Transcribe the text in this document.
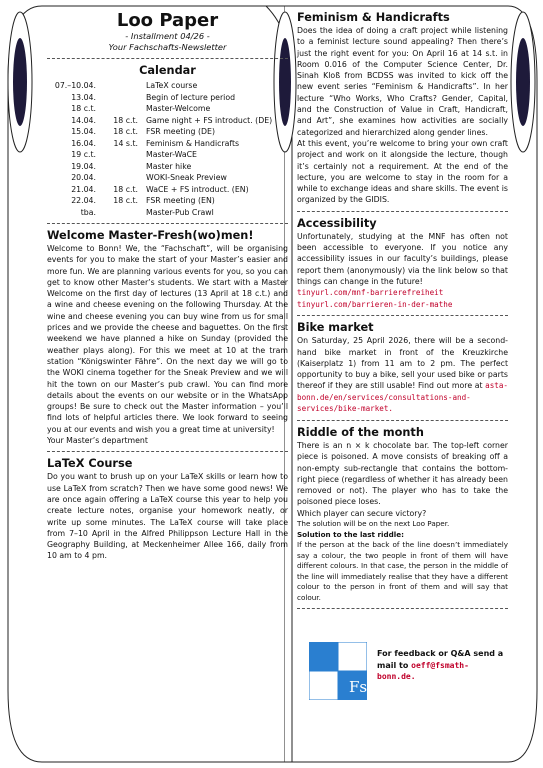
Loo Paper
- Installment 04/26 -
Your Fachschafts-Newsletter
Calendar
07.–10.04.	LaTeX course
13.04.	Begin of lecture period
18 c.t.	Master-Welcome
14.04.	18 c.t.	Game night + FS introduct. (DE)
15.04.	18 c.t.	FSR meeting (DE)
16.04.	14 s.t.	Feminism & Handicrafts
19 c.t.	Master-WaCE
19.04.	Master hike
20.04.	WOKI-Sneak Preview
21.04.	18 c.t.	WaCE + FS introduct. (EN)
22.04.	18 c.t.	FSR meeting (EN)
tba.	Master-Pub Crawl
Welcome Master-Fresh(wo)men!
Welcome to Bonn! We, the “Fachschaft”, will be organising events for you to make the start of your Master’s easier and more fun. We are planning various events for you, so you can get to know other Master’s students. We start with a Master Welcome on the first day of lectures (13 April at 18 c.t.) and a wine and cheese evening on the following Thursday. At the wine and cheese evening you can buy wine from us for small prices and we provide the cheese and baguettes. On the first weekend we have planned a hike on Sunday (provided the weather plays along). For this we meet at 10 at the tram station “Königswinter Fähre”. On the next day we will go to the WOKI cinema together for the Sneak Preview and we will hit the town on our Master’s pub crawl. You can find more details about the events on our website or in the WhatsApp groups! Be sure to check out the Master information – you’ll find lots of helpful articles there. We look forward to seeing you at our events and wish you a great time at university!
Your Master’s department
LaTeX Course
Do you want to brush up on your LaTeX skills or learn how to use LaTeX from scratch? Then we have some good news! We are once again offering a LaTeX course this year to help you create lecture notes, organise your homework neatly, or write up some minutes. The LaTeX course will take place from 7–10 April in the Alfred Philippson Lecture Hall in the Geography Building, at Meckenheimer Allee 166, daily from 10 am to 4 pm.
Feminism & Handicrafts
Does the idea of doing a craft project while listening to a feminist lecture sound appealing? Then there’s just the right event for you: On April 16 at 14 s.t. in Room 0.016 of the Computer Science Center, Dr. Sinah Kloß from BCDSS was invited to kick off the new event series “Feminism & Handicrafts”. In her lecture “Who Works, Who Crafts? Gender, Capital, and the Construction of Value in Craft, Handicraft, and Art”, she examines how activities are socially categorized and hierarchized along gender lines.
At this event, you’re welcome to bring your own craft project and work on it alongside the lecture, though it’s certainly not a requirement. At the end of the lecture, you are welcome to stay in the room for a while to exchange ideas and share skills. The event is organized by the GIDIS.
Accessibility
Unfortunately, studying at the MNF has often not been accessible to everyone. If you notice any accessibility issues in our faculty’s buildings, please report them (anonymously) via the link below so that things can change in the future!
tinyurl.com/mnf-barrierefreiheit
tinyurl.com/barrieren-in-der-mathe
Bike market
On Saturday, 25 April 2026, there will be a second-hand bike market in front of the Kreuzkirche (Kaiserplatz 1) from 11 am to 2 pm. The perfect opportunity to buy a bike, sell your used bike or parts thereof if they are still usable! Find out more at asta-bonn.de/en/services/consultations-and-services/bike-market.
Riddle of the month
There is an n × k chocolate bar. The top-left corner piece is poisoned. A move consists of breaking off a non-empty sub-rectangle that contains the bottom-right piece (regardless of whether it has already been removed or not). The player who has to take the poisoned piece loses.
Which player can secure victory?
The solution will be on the next Loo Paper.
Solution to the last riddle:
If the person at the back of the line doesn’t immediately say a colour, the two people in front of them will have different colours. In that case, the person in the middle of the line will immediately realise that they have a different colour to the person in front of them and will say that colour.
Fs
For feedback or Q&A send a mail to oeff@fsmath-bonn.de.
